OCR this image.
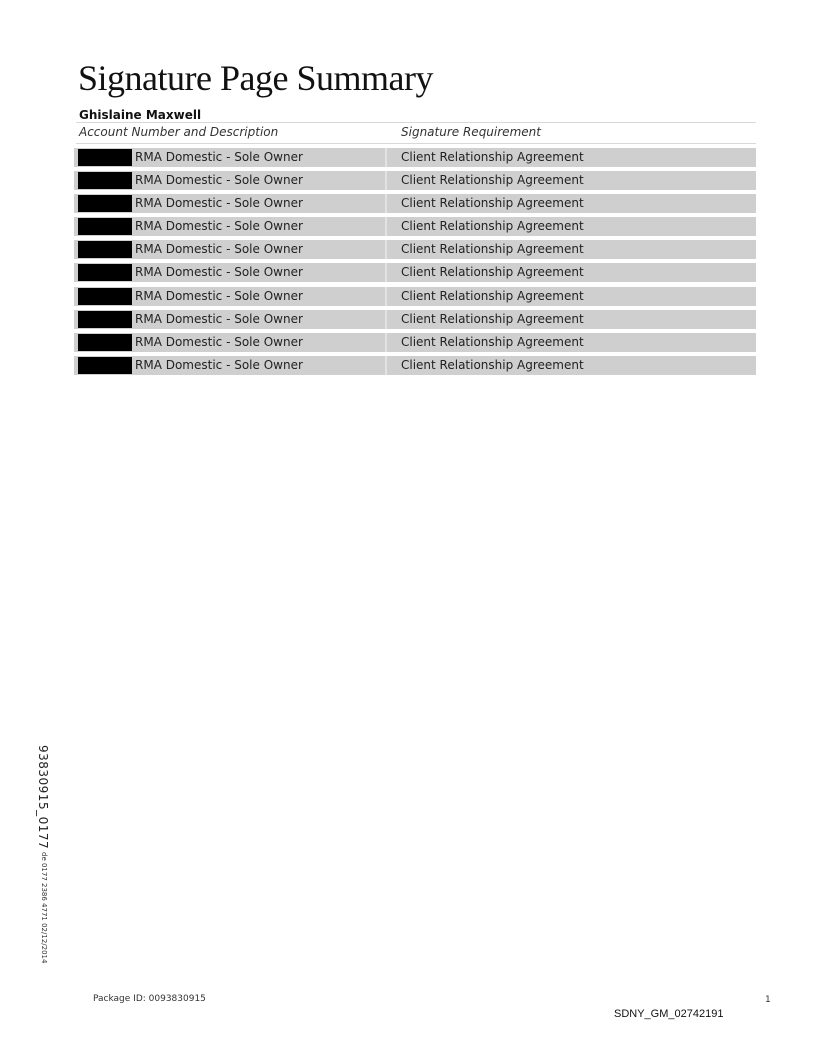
Signature Page Summary
Ghislaine Maxwell
Account Number and Description	Signature Requirement
RMA Domestic - Sole Owner	Client Relationship Agreement
RMA Domestic - Sole Owner	Client Relationship Agreement
RMA Domestic - Sole Owner	Client Relationship Agreement
RMA Domestic - Sole Owner	Client Relationship Agreement
RMA Domestic - Sole Owner	Client Relationship Agreement
RMA Domestic - Sole Owner	Client Relationship Agreement
RMA Domestic - Sole Owner	Client Relationship Agreement
RMA Domestic - Sole Owner	Client Relationship Agreement
RMA Domestic - Sole Owner	Client Relationship Agreement
RMA Domestic - Sole Owner	Client Relationship Agreement
93830915_0177
de 0177 2386 4771 02/12/2014
Package ID: 0093830915	1
SDNY_GM_02742191
